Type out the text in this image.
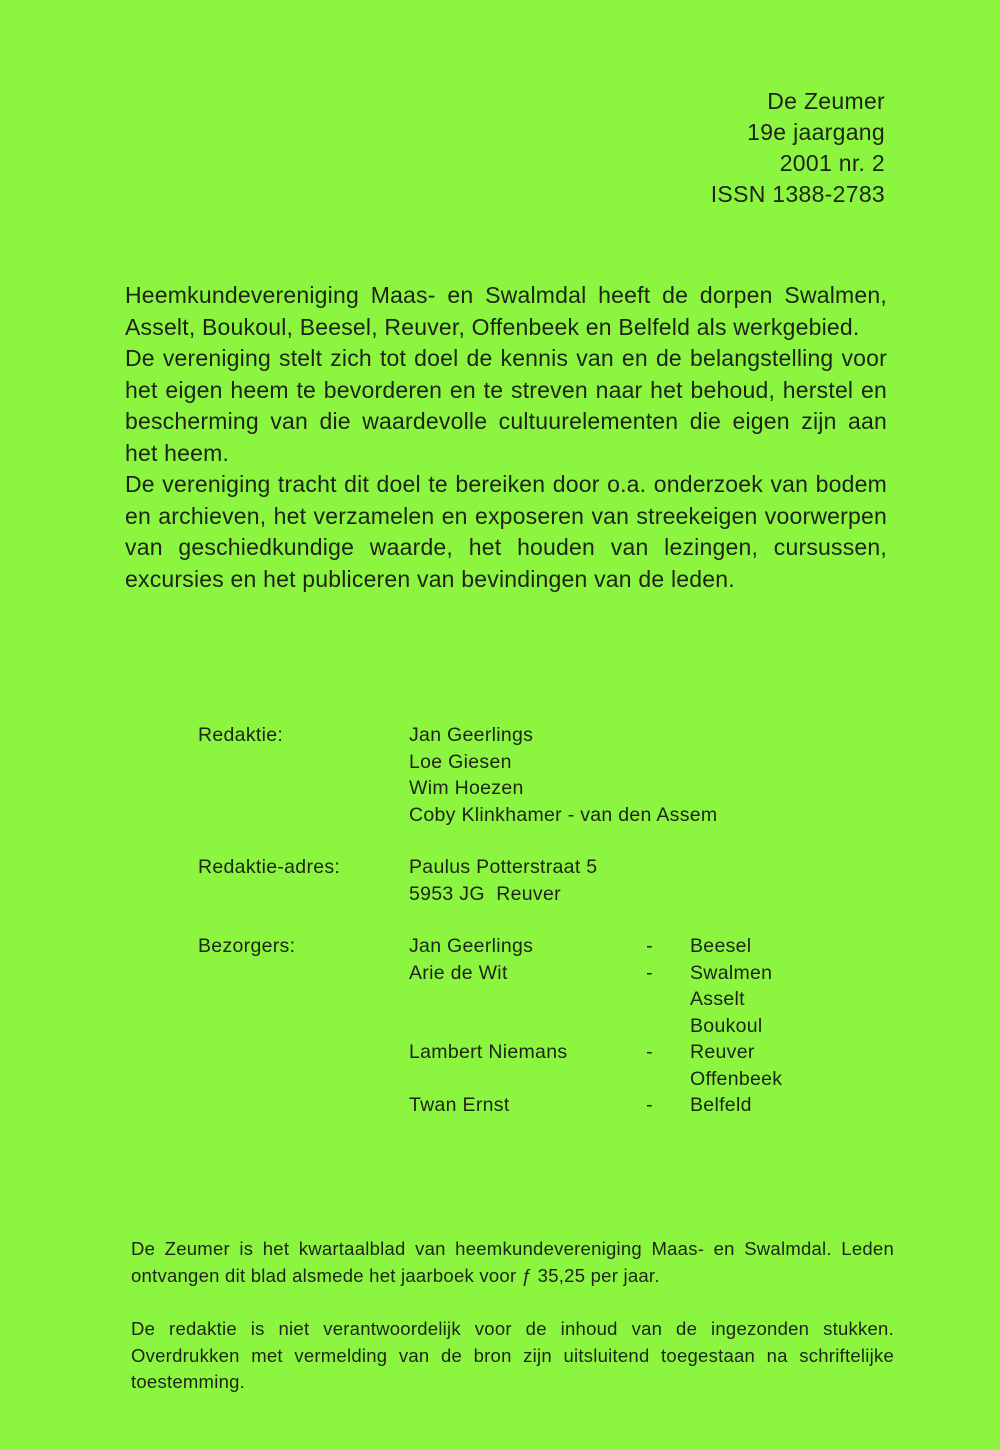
De Zeumer
19e jaargang
2001 nr. 2
ISSN 1388-2783

Heemkundevereniging Maas- en Swalmdal heeft de dorpen Swalmen, Asselt, Boukoul, Beesel, Reuver, Offenbeek en Belfeld als werkgebied.

De vereniging stelt zich tot doel de kennis van en de belangstelling voor het eigen heem te bevorderen en te streven naar het behoud, herstel en bescherming van die waardevolle cultuurelementen die eigen zijn aan het heem.

De vereniging tracht dit doel te bereiken door o.a. onderzoek van bodem en archieven, het verzamelen en exposeren van streekeigen voorwerpen van geschiedkundige waarde, het houden van lezingen, cursussen, excursies en het publiceren van bevindingen van de leden.

Redaktie:	Jan Geerlings
Loe Giesen
Wim Hoezen
Coby Klinkhamer - van den Assem
Redaktie-adres:	Paulus Potterstraat 5
5953 JG  Reuver
Bezorgers:	Jan Geerlings	-	Beesel
Arie de Wit	-	Swalmen
Asselt
Boukoul
Lambert Niemans	-	Reuver
Offenbeek
Twan Ernst	-	Belfeld

De Zeumer is het kwartaalblad van heemkundevereniging Maas- en Swalmdal. Leden ontvangen dit blad alsmede het jaarboek voor ƒ 35,25 per jaar.

De redaktie is niet verantwoordelijk voor de inhoud van de ingezonden stukken. Overdrukken met vermelding van de bron zijn uitsluitend toegestaan na schriftelijke toestemming.
